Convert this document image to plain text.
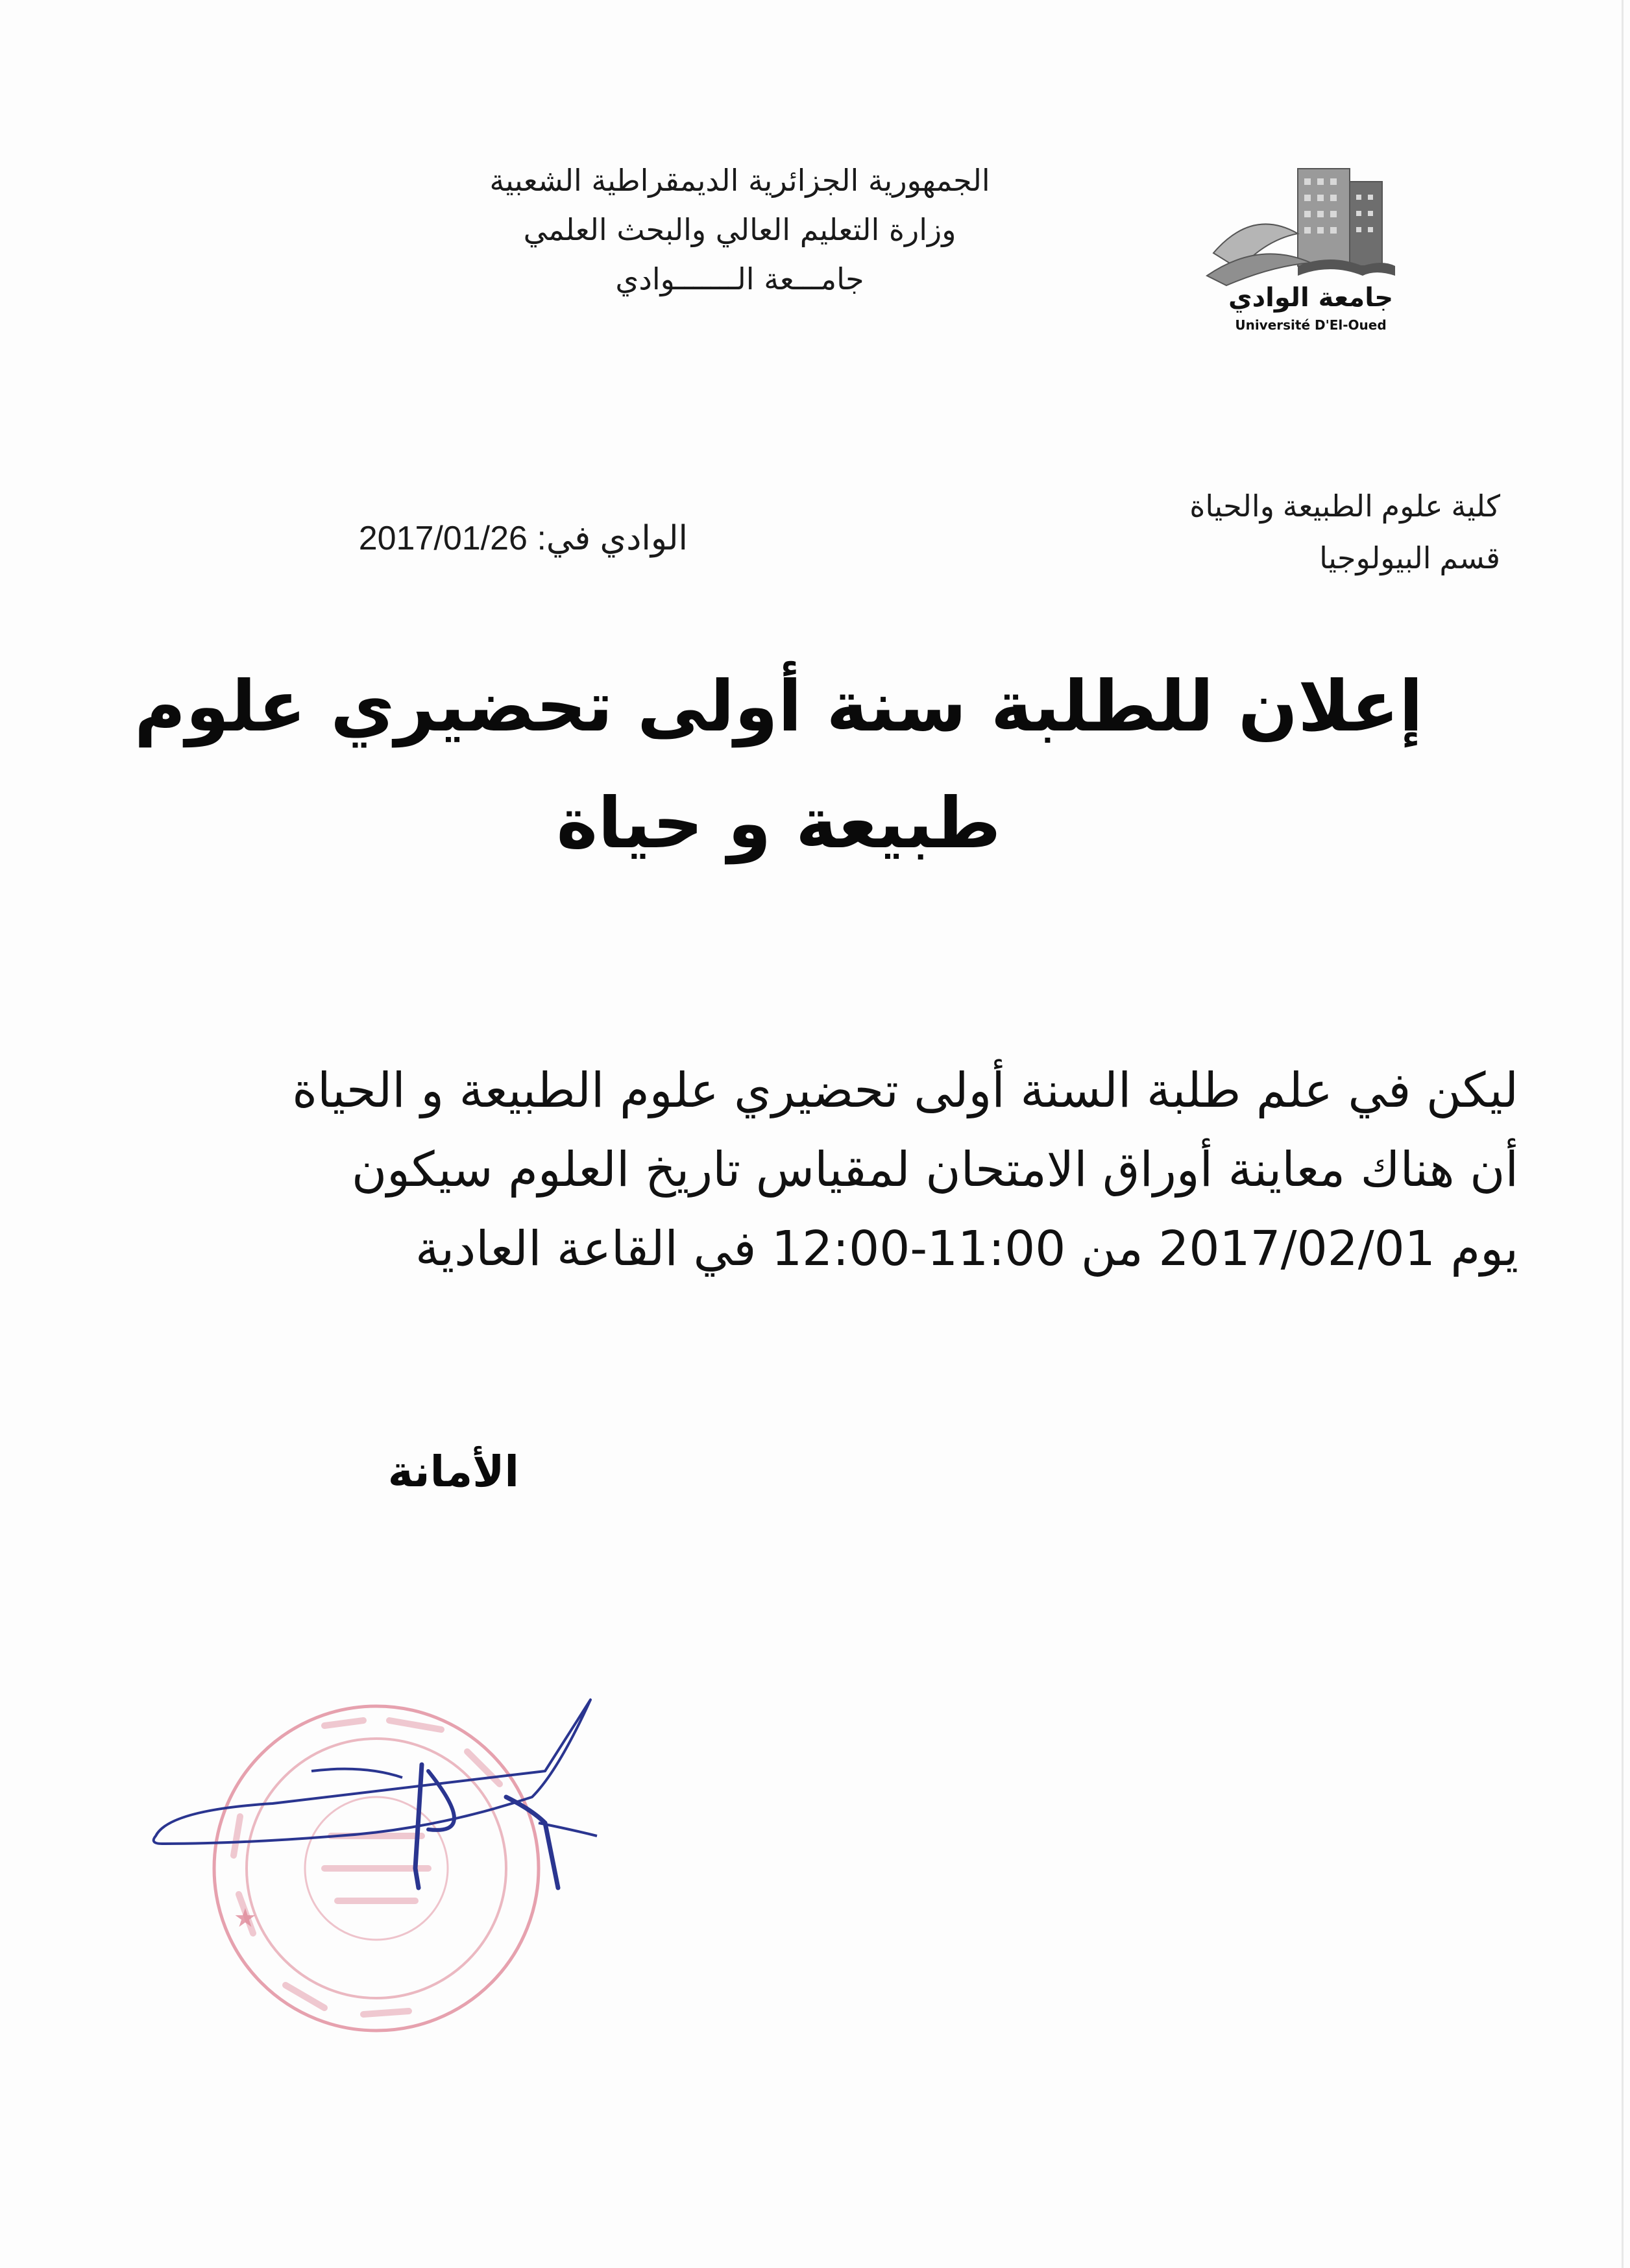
الجمهورية الجزائرية الديمقراطية الشعبية
وزارة التعليم العالي والبحث العلمي
جامـــعة الـــــــوادي
جامعة الوادي
Université D'El-Oued
كلية علوم الطبيعة والحياة
قسم البيولوجيا
الوادي في: 2017/01/26
إعلان للطلبة سنة أولى تحضيري علوم
طبيعة و حياة
ليكن في علم طلبة السنة أولى تحضيري علوم الطبيعة و الحياة
أن هناك معاينة أوراق الامتحان لمقياس تاريخ العلوم سيكون
يوم 2017/02/01 من 11:00-12:00 في القاعة العادية
الأمانة
★
